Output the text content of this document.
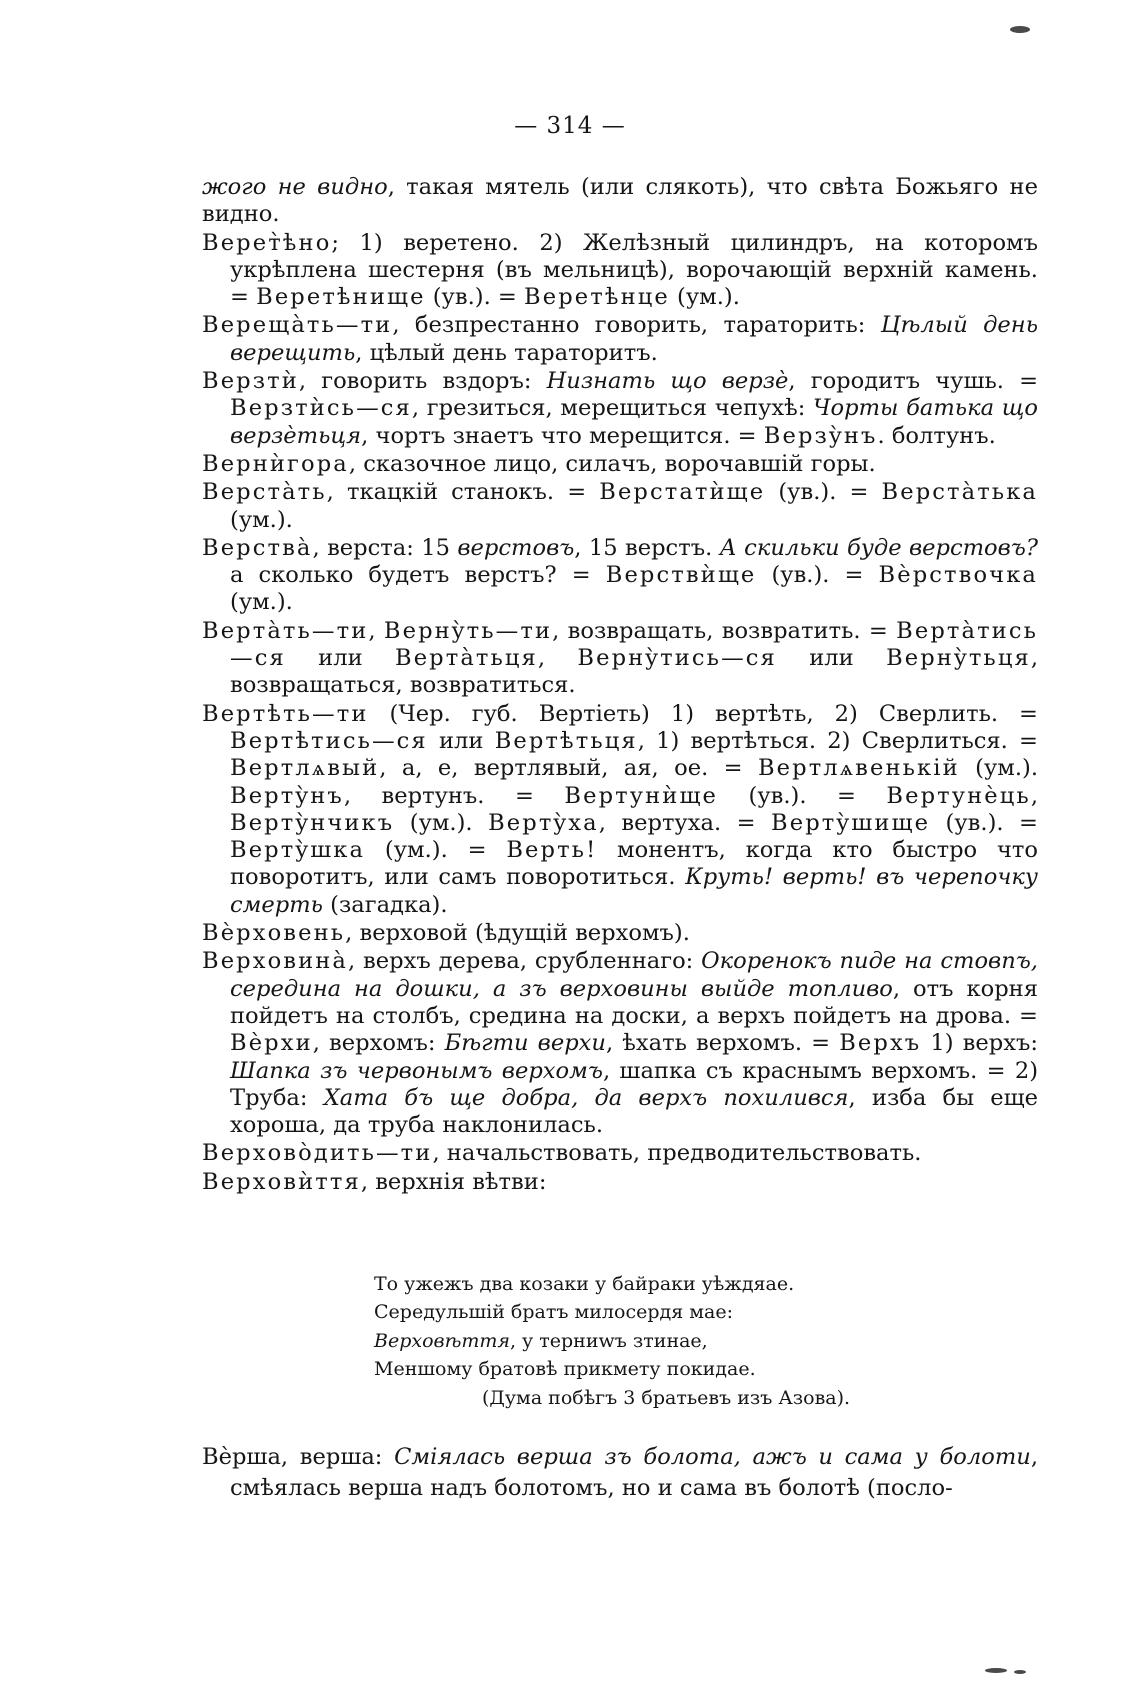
— 314 —

жого не видно, такая мятель (или слякоть), что свѣта Божьяго не видно.

Верет̀ѣно; 1) веретено. 2) Желѣзный цилиндръ, на которомъ укрѣплена шестерня (въ мельницѣ), ворочающій верхній камень. = Веретѣнище (ув.). = Веретѣнце (ум.).

Верещàть—ти, безпрестанно говорить, тараторить: Цѣлый день верещить, цѣлый день тараторитъ.

Верзтѝ, говорить вздоръ: Низнать що верзè, городитъ чушь. = Верзтѝсь—ся, грезиться, мерещиться чепухѣ: Чорты батька що верзèтьця, чортъ знаетъ что мерещится. = Верзỳнъ. болтунъ.

Вернѝгора, сказочное лицо, силачъ, ворочавшій горы.

Верстàть, ткацкій станокъ. = Верстатѝще (ув.). = Верстàтька (ум.).

Верствà, верста: 15 верстовъ, 15 верстъ. А скильки буде верстовъ? а сколько будетъ верстъ? = Верствѝще (ув.). = Вèрствочка (ум.).

Вертàть—ти, Вернỳть—ти, возвращать, возвратить. = Вертàтись—ся или Вертàтьця, Вернỳтись—ся или Вернỳтьця, возвращаться, возвратиться.

Вертѣть—ти (Чер. губ. Вертіеть) 1) вертѣть, 2) Сверлить. = Вертѣтись—ся или Вертѣтьця, 1) вертѣться. 2) Сверлиться. = Вертлѧвый, а, е, вертлявый, ая, ое. = Вертлѧвенькій (ум.). Вертỳнъ, вертунъ. = Вертунѝще (ув.). = Вертунèць, Вертỳнчикъ (ум.). Вертỳха, вертуха. = Вертỳшище (ув.). = Вертỳшка (ум.). = Верть! монентъ, когда кто быстро что поворотитъ, или самъ поворотиться. Круть! верть! въ черепочку смерть (загадка).

Вèрховень, верховой (ѣдущій верхомъ).

Верховинà, верхъ дерева, срубленнаго: Окоренокъ пиде на стовпъ, середина на дошки, а зъ верховины выйде топливо, отъ корня пойдетъ на столбъ, средина на доски, а верхъ пойдетъ на дрова. = Вѐрхи, верхомъ: Бѣгти верхи, ѣхать верхомъ. = Верхъ 1) верхъ: Шапка зъ червонымъ верхомъ, шапка съ краснымъ верхомъ. = 2) Труба: Хата бъ ще добра, да верхъ похилився, изба бы еще хороша, да труба наклонилась.

Верховòдить—ти, начальствовать, предводительствовать.

Верховѝття, верхнія вѣтви:

То ужежъ два козаки у байраки уѣждяае.
Середульшій братъ милосердя мае:
Верховѣття, у терниwъ зтинае,
Меншому братовѣ прикмету покидае.
(Дума побѣгъ 3 братьевъ изъ Азова).

Вѐрша, верша: Смiялась верша зъ болота, ажъ и сама у болоти, смѣялась верша надъ болотомъ, но и сама въ болотѣ (посло-
